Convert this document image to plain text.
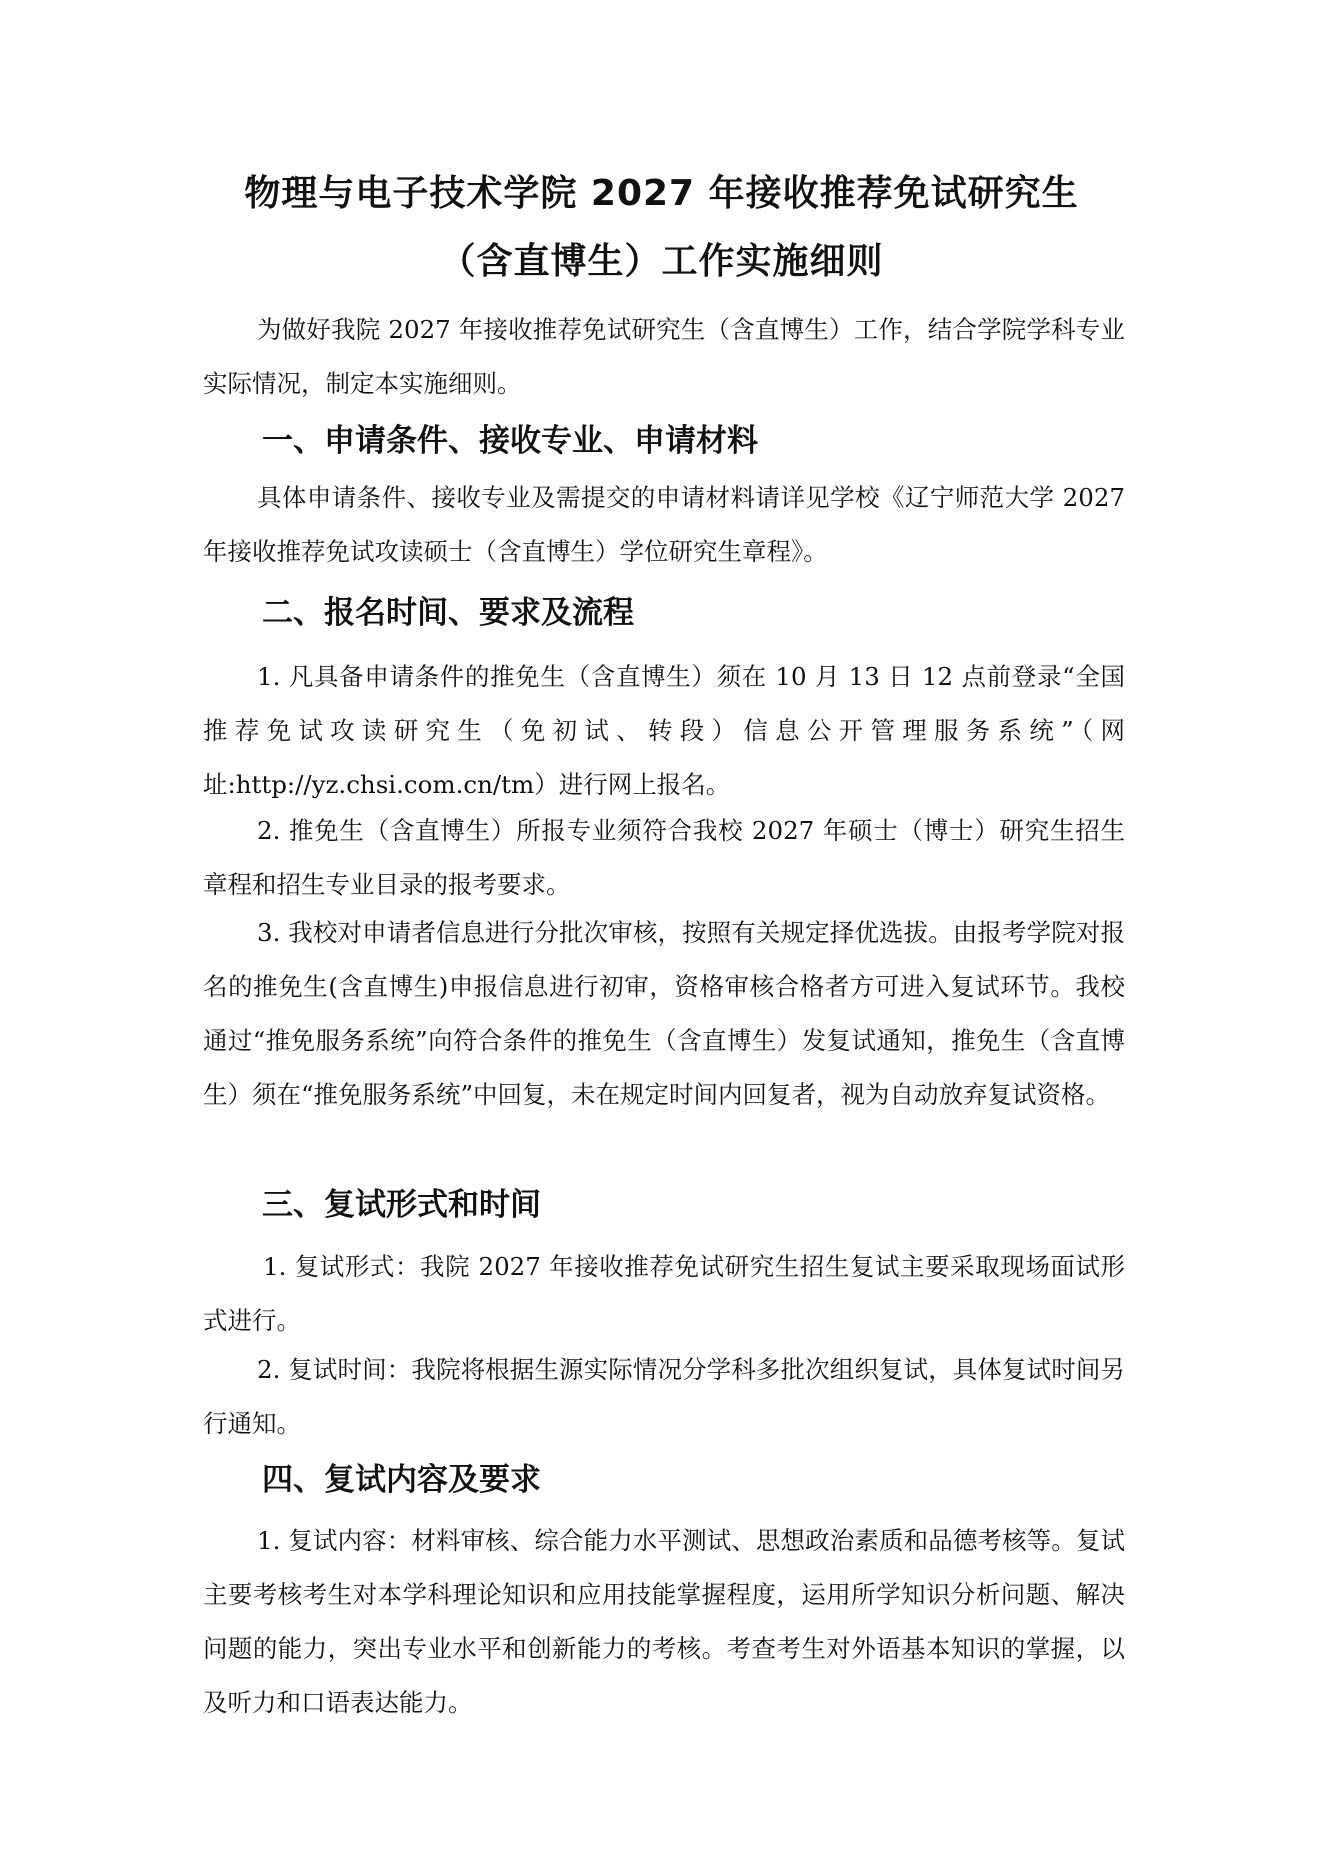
物理与电子技术学院 2027 年接收推荐免试研究生
（含直博生）工作实施细则

为做好我院 2027 年接收推荐免试研究生（含直博生）工作，结合学院学科专业实际情况，制定本实施细则。

一、申请条件、接收专业、申请材料

具体申请条件、接收专业及需提交的申请材料请详见学校《辽宁师范大学 2027 年接收推荐免试攻读硕士（含直博生）学位研究生章程》。

二、报名时间、要求及流程

1. 凡具备申请条件的推免生（含直博生）须在 10 月 13 日 12 点前登录“全国推荐免试攻读研究生（免初试、转段）信息公开管理服务系统”（网址:http://yz.chsi.com.cn/tm）进行网上报名。

2. 推免生（含直博生）所报专业须符合我校 2027 年硕士（博士）研究生招生章程和招生专业目录的报考要求。

3. 我校对申请者信息进行分批次审核，按照有关规定择优选拔。由报考学院对报名的推免生(含直博生)申报信息进行初审，资格审核合格者方可进入复试环节。我校通过“推免服务系统”向符合条件的推免生（含直博生）发复试通知，推免生（含直博生）须在“推免服务系统”中回复，未在规定时间内回复者，视为自动放弃复试资格。

三、复试形式和时间

1. 复试形式：我院 2027 年接收推荐免试研究生招生复试主要采取现场面试形式进行。

2. 复试时间：我院将根据生源实际情况分学科多批次组织复试，具体复试时间另行通知。

四、复试内容及要求

1. 复试内容：材料审核、综合能力水平测试、思想政治素质和品德考核等。复试主要考核考生对本学科理论知识和应用技能掌握程度，运用所学知识分析问题、解决问题的能力，突出专业水平和创新能力的考核。考查考生对外语基本知识的掌握，以及听力和口语表达能力。
